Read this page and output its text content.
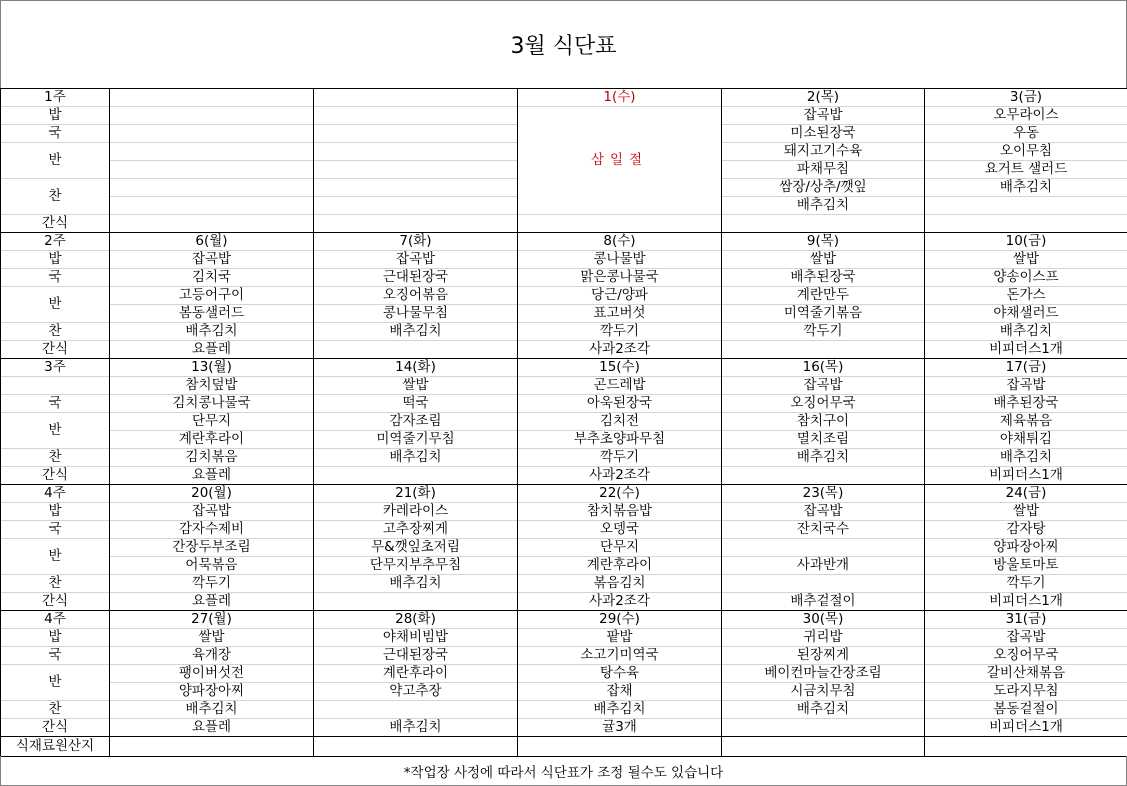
3월 식단표
1주			1(수)	2(목)	3(금)
밥			삼일절	잡곡밥	오무라이스
국				미소된장국	우동
반				돼지고기수육	오이무침
				파채무침	요거트 샐러드
찬				쌈장/상추/깻잎	배추김치
				배추김치	
간식					
2주	6(월)	7(화)	8(수)	9(목)	10(금)
밥	잡곡밥	잡곡밥	콩나물밥	쌀밥	쌀밥
국	김치국	근대된장국	맑은콩나물국	배추된장국	양송이스프
반	고등어구이	오징어볶음	당근/양파	계란만두	돈가스
	봄동샐러드	콩나물무침	표고버섯	미역줄기볶음	야채샐러드
찬	배추김치	배추김치	깍두기	깍두기	배추김치
간식	요플레		사과2조각		비피더스1개
3주	13(월)	14(화)	15(수)	16(목)	17(금)
	참치덮밥	쌀밥	곤드레밥	잡곡밥	잡곡밥
국	김치콩나물국	떡국	아욱된장국	오징어무국	배추된장국
반	단무지	감자조림	김치전	참치구이	제육볶음
	계란후라이	미역줄기무침	부추초양파무침	멸치조림	야채튀김
찬	김치볶음	배추김치	깍두기	배추김치	배추김치
간식	요플레		사과2조각		비피더스1개
4주	20(월)	21(화)	22(수)	23(목)	24(금)
밥	잡곡밥	카레라이스	참치볶음밥	잡곡밥	쌀밥
국	감자수제비	고추장찌게	오뎅국	잔치국수	감자탕
반	간장두부조림	무&깻잎초저림	단무지		양파장아찌
	어묵볶음	단무지부추무침	계란후라이	사과반개	방울토마토
찬	깍두기	배추김치	볶음김치		깍두기
간식	요플레		사과2조각	배추겉절이	비피더스1개
4주	27(월)	28(화)	29(수)	30(목)	31(금)
밥	쌀밥	야채비빔밥	팥밥	귀리밥	잡곡밥
국	육개장	근대된장국	소고기미역국	된장찌게	오징어무국
반	팽이버섯전	계란후라이	탕수육	베이컨마늘간장조림	갈비산채볶음
	양파장아찌	약고추장	잡채	시금치무침	도라지무침
찬	배추김치		배추김치	배추김치	봄동겉절이
간식	요플레	배추김치	귤3개		비피더스1개
식재료원산지					
*작업장 사정에 따라서 식단표가 조정 될수도 있습니다
